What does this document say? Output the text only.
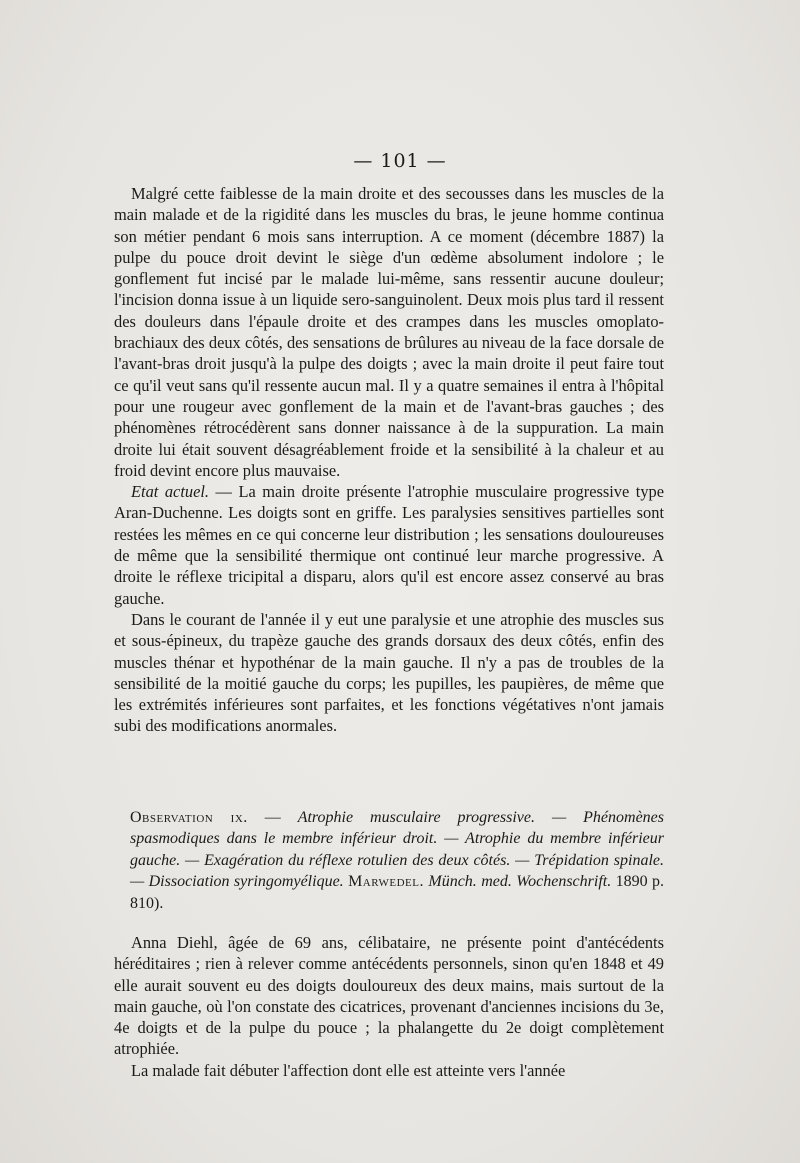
— 101 —

Malgré cette faiblesse de la main droite et des secousses dans les muscles de la main malade et de la rigidité dans les muscles du bras, le jeune homme continua son métier pendant 6 mois sans interruption. A ce moment (décembre 1887) la pulpe du pouce droit devint le siège d'un œdème absolument indolore ; le gonflement fut incisé par le malade lui-même, sans ressentir aucune douleur; l'incision donna issue à un liquide sero-sanguinolent. Deux mois plus tard il ressent des douleurs dans l'épaule droite et des crampes dans les muscles omoplato-brachiaux des deux côtés, des sensations de brûlures au niveau de la face dorsale de l'avant-bras droit jusqu'à la pulpe des doigts ; avec la main droite il peut faire tout ce qu'il veut sans qu'il ressente aucun mal. Il y a quatre semaines il entra à l'hôpital pour une rougeur avec gonflement de la main et de l'avant-bras gauches ; des phénomènes rétrocédèrent sans donner naissance à de la suppuration. La main droite lui était souvent désagréablement froide et la sensibilité à la chaleur et au froid devint encore plus mauvaise.

Etat actuel. — La main droite présente l'atrophie musculaire progressive type Aran-Duchenne. Les doigts sont en griffe. Les paralysies sensitives partielles sont restées les mêmes en ce qui concerne leur distribution ; les sensations douloureuses de même que la sensibilité thermique ont continué leur marche progressive. A droite le réflexe tricipital a disparu, alors qu'il est encore assez conservé au bras gauche.

Dans le courant de l'année il y eut une paralysie et une atrophie des muscles sus et sous-épineux, du trapèze gauche des grands dorsaux des deux côtés, enfin des muscles thénar et hypothénar de la main gauche. Il n'y a pas de troubles de la sensibilité de la moitié gauche du corps; les pupilles, les paupières, de même que les extrémités inférieures sont parfaites, et les fonctions végétatives n'ont jamais subi des modifications anormales.

Observation ix. — Atrophie musculaire progressive. — Phénomènes spasmodiques dans le membre inférieur droit. — Atrophie du membre inférieur gauche. — Exagération du réflexe rotulien des deux côtés. — Trépidation spinale.— Dissociation syringomyélique. Marwedel. Münch. med. Wochenschrift. 1890 p. 810).

Anna Diehl, âgée de 69 ans, célibataire, ne présente point d'antécédents héréditaires ; rien à relever comme antécédents personnels, sinon qu'en 1848 et 49 elle aurait souvent eu des doigts douloureux des deux mains, mais surtout de la main gauche, où l'on constate des cicatrices, provenant d'anciennes incisions du 3e, 4e doigts et de la pulpe du pouce ; la phalangette du 2e doigt complètement atrophiée.

La malade fait débuter l'affection dont elle est atteinte vers l'année
